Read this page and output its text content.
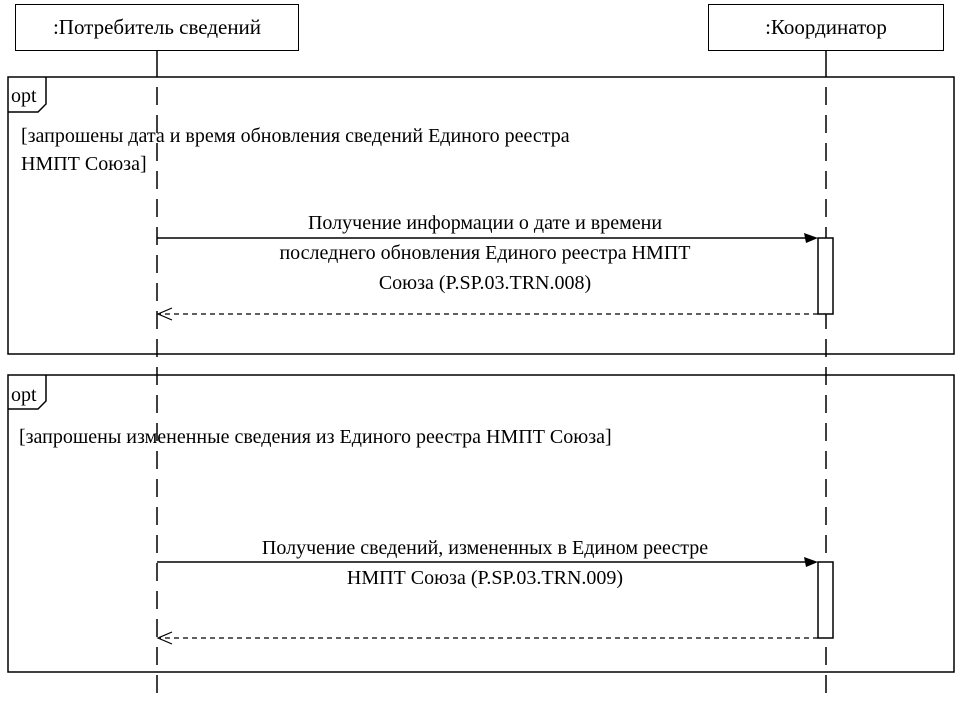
:Потребитель сведений	:Координатор
opt
[запрошены дата и время обновления сведений Единого реестра
НМПТ Союза]
Получение информации о дате и времени
последнего обновления Единого реестра НМПТ
Союза (P.SP.03.TRN.008)
opt
[запрошены измененные сведения из Единого реестра НМПТ Союза]
Получение сведений, измененных в Едином реестре
НМПТ Союза (P.SP.03.TRN.009)
